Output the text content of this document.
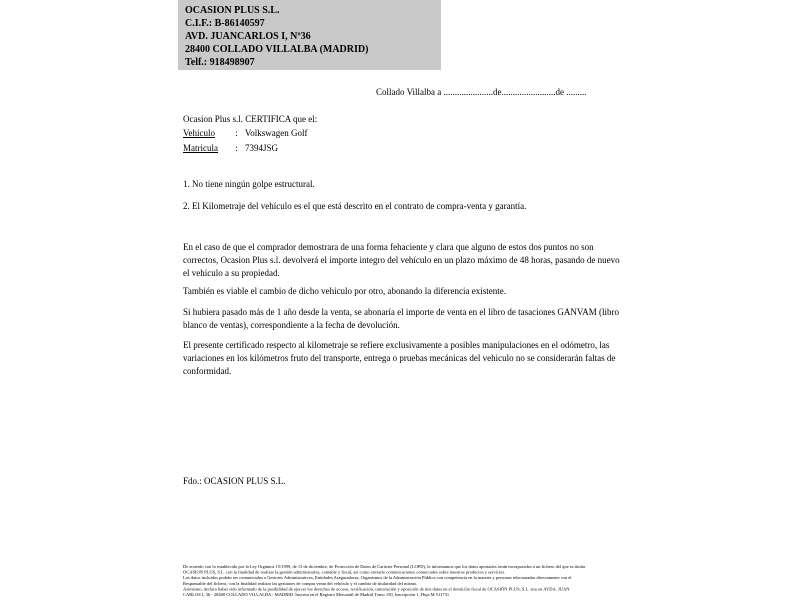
OCASION PLUS S.L.
C.I.F.: B-86140597
AVD. JUANCARLOS I, Nº36
28400 COLLADO VILLALBA (MADRID)
Telf.: 918498907
Collado Villalba a ......................de........................de .........
Ocasion Plus s.l. CERTIFICA que el:
Vehículo : Volkswagen Golf
Matricula : 7394JSG
1. No tiene ningún golpe estructural.
2. El Kilometraje del vehículo es el que está descrito en el contrato de compra-venta y garantía.

En el caso de que el comprador demostrara de una forma fehaciente y clara que alguno de estos dos puntos no son correctos, Ocasion Plus s.l. devolverá el importe integro del vehículo en un plazo máximo de 48 horas, pasando de nuevo el vehículo a su propiedad.

También es viable el cambio de dicho vehiculo por otro, abonando la diferencia existente.

Si hubiera pasado más de 1 año desde la venta, se abonaría el importe de venta en el libro de tasaciones GANVAM (libro blanco de ventas), correspondiente a la fecha de devolución.

El presente certificado respecto al kilometraje se refiere exclusivamente a posibles manipulaciones en el odómetro, las variaciones en los kilómetros fruto del transporte, entrega o pruebas mecánicas del vehiculo no se considerarán faltas de conformidad.

Fdo.: OCASION PLUS S.L.
De acuerdo con lo establecido por la Ley Orgánica 15/1999, de 13 de diciembre, de Protección de Datos de Carácter Personal (LOPD), le informamos que los datos aportados serán incorporados a un fichero del que es titular
OCASION PLUS, S.L. con la finalidad de realizar la gestión administrativa, contable y fiscal, así como enviarle comunicaciones comerciales sobre nuestros productos y servicios.
Los datos incluidos podrán ser comunicados a Gestores Administrativos, Entidades Aseguradoras, Organismos de la Administración Pública con competencia en la materia y personas relacionadas directamente con el
Responsable del fichero, con la finalidad realizar las gestiones de compra venta del vehículo y el cambio de titularidad del mismo.
Asimismo, declaro haber sido informado de la posibilidad de ejercer los derechos de acceso, rectificación, cancelación y oposición de mis datos en el domicilio fiscal de OCASIÓN PLUS, S.L. sito en AVDA. JUAN
CARLOS I, 36 - 28400 COLLADO VILLALBA - MADRID. Inscrita en el Registro Mercantil de Madrid Tomo 150, Inscripción 1, Hoja M 511731
